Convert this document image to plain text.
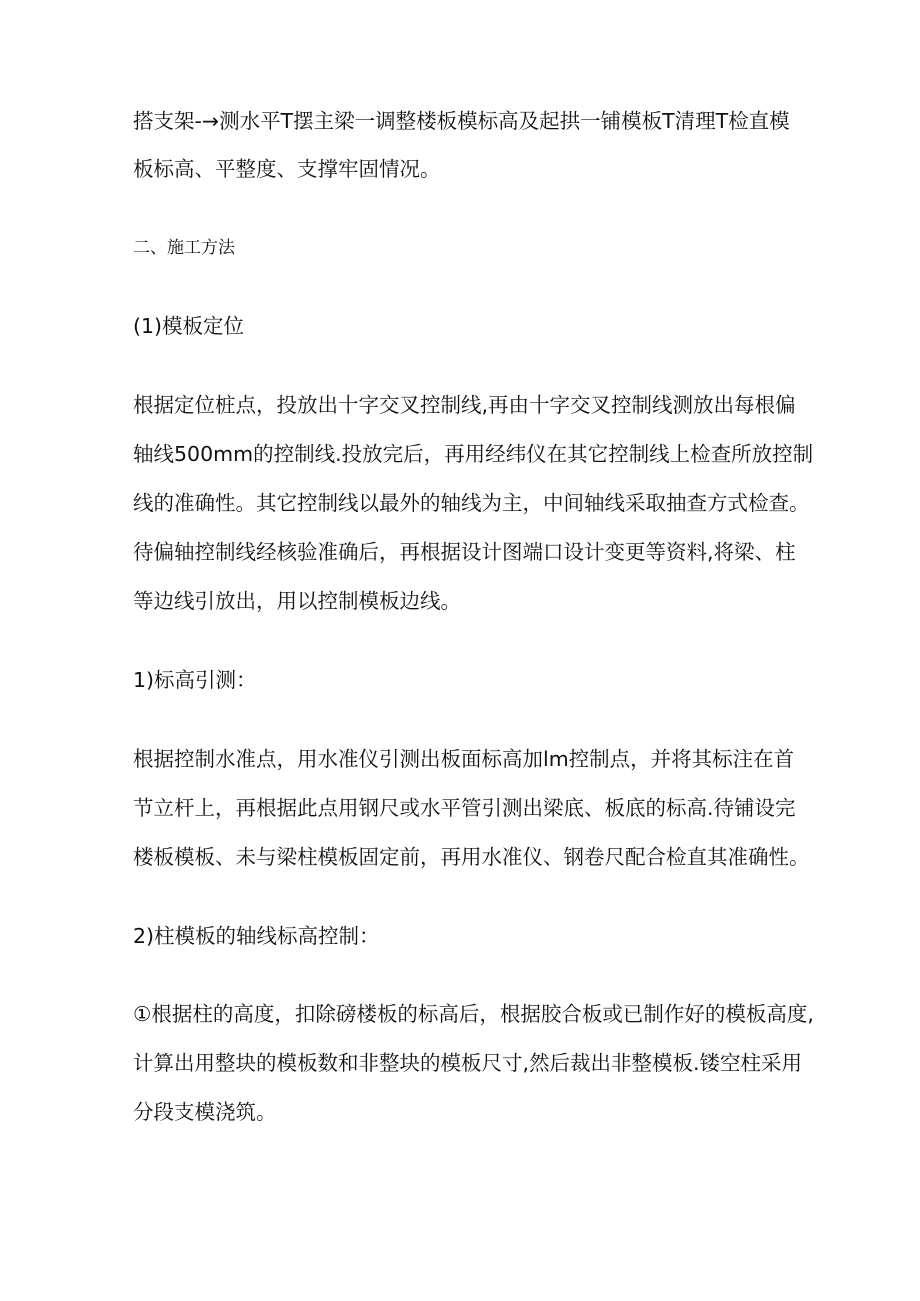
搭支架-→测水平T摆主梁一调整楼板模标高及起拱一铺模板T清理T检直模
板标高、平整度、支撑牢固情况。
二、施工方法
(1)模板定位
根据定位桩点，投放出十字交叉控制线,再由十字交叉控制线测放出每根偏
轴线500mm的控制线.投放完后，再用经纬仪在其它控制线上检查所放控制
线的准确性。其它控制线以最外的轴线为主，中间轴线采取抽查方式检查。
待偏轴控制线经核验准确后，再根据设计图端口设计变更等资料,将梁、柱
等边线引放出，用以控制模板边线。
1)标高引测：
根据控制水准点，用水准仪引测出板面标高加lm控制点，并将其标注在首
节立杆上，再根据此点用钢尺或水平管引测出梁底、板底的标高.待铺设完
楼板模板、未与梁柱模板固定前，再用水准仪、钢卷尺配合检直其准确性。
2)柱模板的轴线标高控制：
①根据柱的高度，扣除磅楼板的标高后，根据胶合板或已制作好的模板高度,
计算出用整块的模板数和非整块的模板尺寸,然后裁出非整模板.镂空柱采用
分段支模浇筑。
